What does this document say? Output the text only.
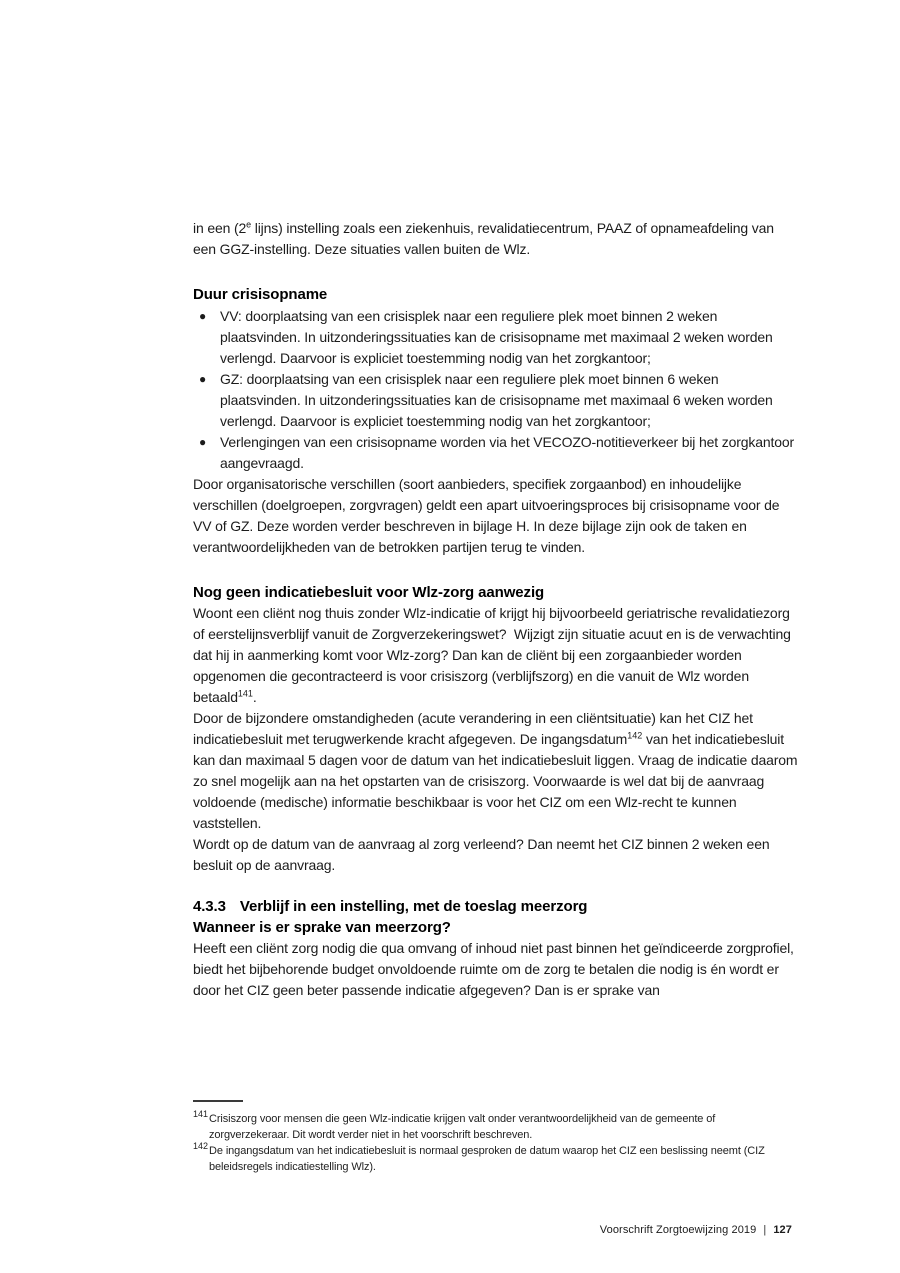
in een (2e lijns) instelling zoals een ziekenhuis, revalidatiecentrum, PAAZ of opnameafdeling van een GGZ-instelling. Deze situaties vallen buiten de Wlz.

Duur crisisopname
● VV: doorplaatsing van een crisisplek naar een reguliere plek moet binnen 2 weken plaatsvinden. In uitzonderingssituaties kan de crisisopname met maximaal 2 weken worden verlengd. Daarvoor is expliciet toestemming nodig van het zorgkantoor;
● GZ: doorplaatsing van een crisisplek naar een reguliere plek moet binnen 6 weken plaatsvinden. In uitzonderingssituaties kan de crisisopname met maximaal 6 weken worden verlengd. Daarvoor is expliciet toestemming nodig van het zorgkantoor;
● Verlengingen van een crisisopname worden via het VECOZO-notitieverkeer bij het zorgkantoor aangevraagd.

Door organisatorische verschillen (soort aanbieders, specifiek zorgaanbod) en inhoudelijke verschillen (doelgroepen, zorgvragen) geldt een apart uitvoeringsproces bij crisisopname voor de VV of GZ. Deze worden verder beschreven in bijlage H. In deze bijlage zijn ook de taken en verantwoordelijkheden van de betrokken partijen terug te vinden.

Nog geen indicatiebesluit voor Wlz-zorg aanwezig

Woont een cliënt nog thuis zonder Wlz-indicatie of krijgt hij bijvoorbeeld geriatrische revalidatiezorg of eerstelijnsverblijf vanuit de Zorgverzekeringswet?  Wijzigt zijn situatie acuut en is de verwachting dat hij in aanmerking komt voor Wlz-zorg? Dan kan de cliënt bij een zorgaanbieder worden opgenomen die gecontracteerd is voor crisiszorg (verblijfszorg) en die vanuit de Wlz worden betaald$^{141}$.

Door de bijzondere omstandigheden (acute verandering in een cliëntsituatie) kan het CIZ het indicatiebesluit met terugwerkende kracht afgegeven. De ingangsdatum$^{142}$ van het indicatiebesluit kan dan maximaal 5 dagen voor de datum van het indicatiebesluit liggen. Vraag de indicatie daarom zo snel mogelijk aan na het opstarten van de crisiszorg. Voorwaarde is wel dat bij de aanvraag voldoende (medische) informatie beschikbaar is voor het CIZ om een Wlz-recht te kunnen vaststellen.

Wordt op de datum van de aanvraag al zorg verleend? Dan neemt het CIZ binnen 2 weken een besluit op de aanvraag.

4.3.3 Verblijf in een instelling, met de toeslag meerzorg
Wanneer is er sprake van meerzorg?

Heeft een cliënt zorg nodig die qua omvang of inhoud niet past binnen het geïndiceerde zorgprofiel, biedt het bijbehorende budget onvoldoende ruimte om de zorg te betalen die nodig is én wordt er door het CIZ geen beter passende indicatie afgegeven? Dan is er sprake van

141 Crisiszorg voor mensen die geen Wlz-indicatie krijgen valt onder verantwoordelijkheid van de gemeente of zorgverzekeraar. Dit wordt verder niet in het voorschrift beschreven.
142 De ingangsdatum van het indicatiebesluit is normaal gesproken de datum waarop het CIZ een beslissing neemt (CIZ beleidsregels indicatiestelling Wlz).
Voorschrift Zorgtoewijzing 2019 | 127
